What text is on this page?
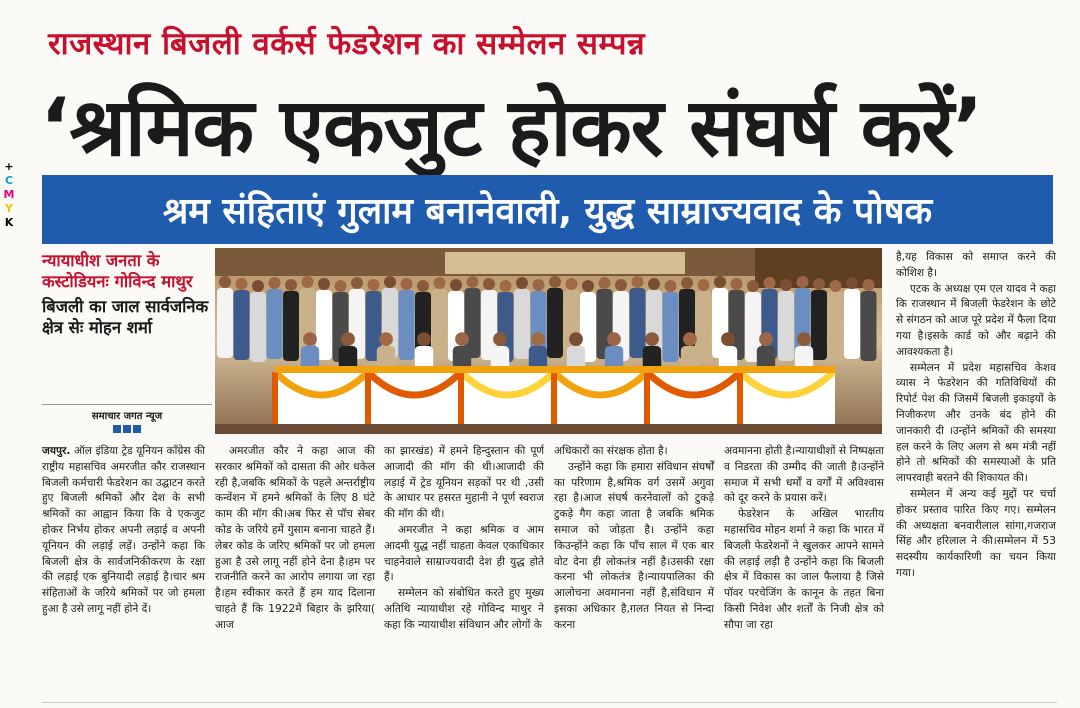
+
C
M
Y
K
राजस्थान बिजली वर्कर्स फेडरेशन का सम्मेलन सम्पन्न
‘श्रमिक एकजुट होकर संघर्ष करें’
श्रम संहिताएं गुलाम बनानेवाली, युद्ध साम्राज्यवाद के पोषक
न्यायाधीश जनता के कस्टोडियनः गोविन्द माथुर
बिजली का जाल सार्वजनिक क्षेत्र सेः मोहन शर्मा
समाचार जगत न्यूज

जयपुर. ऑल इंडिया ट्रेड यूनियन काँग्रेस की राष्ट्रीय महासचिव अमरजीत कौर राजस्थान बिजली कर्मचारी फेडरेशन का उद्घाटन करते हुए बिजली श्रमिकों और देश के सभी श्रमिकों का आह्वान किया कि वे एकजुट होकर निर्भय होकर अपनी लड़ाई व अपनी यूनियन की लड़ाई लड़ें। उन्होंने कहा कि बिजली क्षेत्र के सार्वजनिकीकरण के रक्षा की लड़ाई एक बुनियादी लड़ाई है।चार श्रम संहिताओं के जरिये श्रमिकों पर जो हमला हुआ है उसे लागू नहीं होने दें।

अमरजीत कौर ने कहा आज की सरकार श्रमिकों को दासता की ओर धकेल रही है,जबकि श्रमिकों के पहले अन्तर्राष्ट्रीय कन्वेंशन में हमने श्रमिकों के लिए 8 घंटे काम की मॉग की।अब फिर से पॉच सेबर कोड के जरिये हमें गुसाम बनाना चाहते हैं।लेबर कोड के जरिए श्रमिकों पर जो हमला हुआ है उसे लागू नहीं होने देना है।हम पर राजनीति करने का आरोप लगाया जा रहा है।हम स्वीकार करते हैं हम याद दिलाना चाहते हैं कि 1922में बिहार के झरिया( आज

का झारखंड) में हमने हिन्दुस्तान की पूर्ण आजादी की मॉग की थी।आजादी की लड़ाई में ट्रेड यूनियन सड़कों पर थी ,उसी के आधार पर हसरत मुहानी ने पूर्ण स्वराज की मॉग की थी।

अमरजीत ने कहा श्रमिक व आम आदमी युद्ध नहीं चाहता केवल एकाधिकार चाहनेवाले साम्राज्यवादी देश ही युद्ध होते हैं।

सम्मेलन को संबोधित करते हुए मुख्य अतिथि न्यायाधीश रहे गोविन्द माथुर ने कहा कि न्यायाधीश संविधान और लोगों के

अधिकारों का संरक्षक होता है।

उन्होंने कहा कि हमारा संविधान संघर्षों का परिणाम है,श्रमिक वर्ग उसमें अगुवा रहा है।आज संघर्ष करनेवालों को टुकड़े टुकड़े गैग कहा जाता है जबकि श्रमिक समाज को जोड़ता है। उन्होंने कहा किउन्होंने कहा कि पाँच साल में एक बार वोट देना ही लोकतंत्र नहीं है।उसकी रक्षा करना भी लोकतंत्र है।न्यायपालिका की आलोचना अवमानना नहीं है,संविधान में इसका अधिकार है,ग़लत नियत से निन्दा करना

अवमानना होती है।न्यायाधीशों से निष्पक्षता व निडरता की उम्मीद की जाती है।उन्होंने समाज में सभी धर्मों व वर्गों में अविश्वास को दूर करने के प्रयास करें।

फेडरेशन के अखिल भारतीय महासचिव मोहन शर्मा ने कहा कि भारत में बिजली फेडरेशनों ने खुलकर आपने सामने की लड़ाई लड़ी है उन्होंने कहा कि बिजली क्षेत्र में विकास का जाल फैलाया है जिसे पॉवर परचेजिंग के कानून के तहत बिना किसी निवेश और शर्तों के निजी क्षेत्र को सौपा जा रहा

है,यह विकास को समाप्त करने की कोशिश है।

एटक के अध्यक्ष एम एल यादव ने कहा कि राजस्थान में बिजली फेडरेशन के छोटे से संगठन को आज पूरे प्रदेश में फैला दिया गया है।इसके कार्ड को और बढ़ाने की आवश्यकता है।

सम्मेलन में प्रदेश महासचिव केशव व्यास ने फेडरेशन की गतिविधियों की रिपोर्ट पेश की जिसमें बिजली इकाइयों के निजीकरण और उनके बंद होने की जानकारी दी ।उन्होंने श्रमिकों की समस्या हल करने के लिए अलग से श्रम मंत्री नहीं होने तो श्रमिकों की समस्याओं के प्रति लापरवाही बरतने की शिकायत की।

सम्मेलन में अन्य कई मुद्दों पर चर्चा होकर प्रस्ताव पारित किए गए। सम्मेलन की अध्यक्षता बनवारीलाल सांगा,गजराज सिंह और हरिलाल ने की।सम्मेलन में 53 सदस्यीय कार्यकारिणी का चयन किया गया।
